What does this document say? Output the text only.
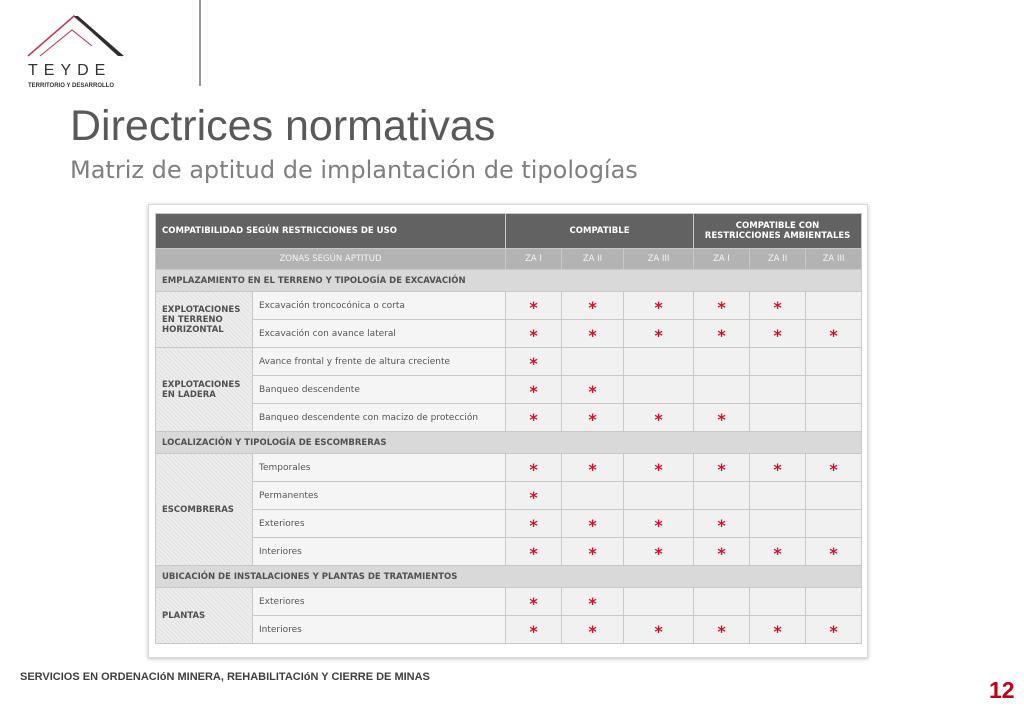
TEYDE
TERRITORIO Y DESARROLLO
Directrices normativas
Matriz de aptitud de implantación de tipologías
COMPATIBILIDAD SEGÚN RESTRICCIONES DE USO		COMPATIBLE			COMPATIBLE CON RESTRICCIONES AMBIENTALES		
ZONAS SEGÚN APTITUD		ZA I	ZA II	ZA III	ZA I	ZA II	ZA III
EMPLAZAMIENTO EN EL TERRENO Y TIPOLOGÍA DE EXCAVACIÓN							
EXPLOTACIONES EN TERRENO HORIZONTAL	Excavación troncocónica o corta	*	*	*	*	*	
	Excavación con avance lateral	*	*	*	*	*	*
EXPLOTACIONES EN LADERA	Avance frontal y frente de altura creciente	*					
	Banqueo descendente	*	*				
	Banqueo descendente con macizo de protección	*	*	*	*		
LOCALIZACIÓN Y TIPOLOGÍA DE ESCOMBRERAS							
ESCOMBRERAS	Temporales	*	*	*	*	*	*
	Permanentes	*					
	Exteriores	*	*	*	*		
	Interiores	*	*	*	*	*	*
UBICACIÓN DE INSTALACIONES Y PLANTAS DE TRATAMIENTOS							
PLANTAS	Exteriores	*	*				
	Interiores	*	*	*	*	*	*
SERVICIOS EN ORDENACIóN MINERA, REHABILITACIóN Y CIERRE DE MINAS	12
